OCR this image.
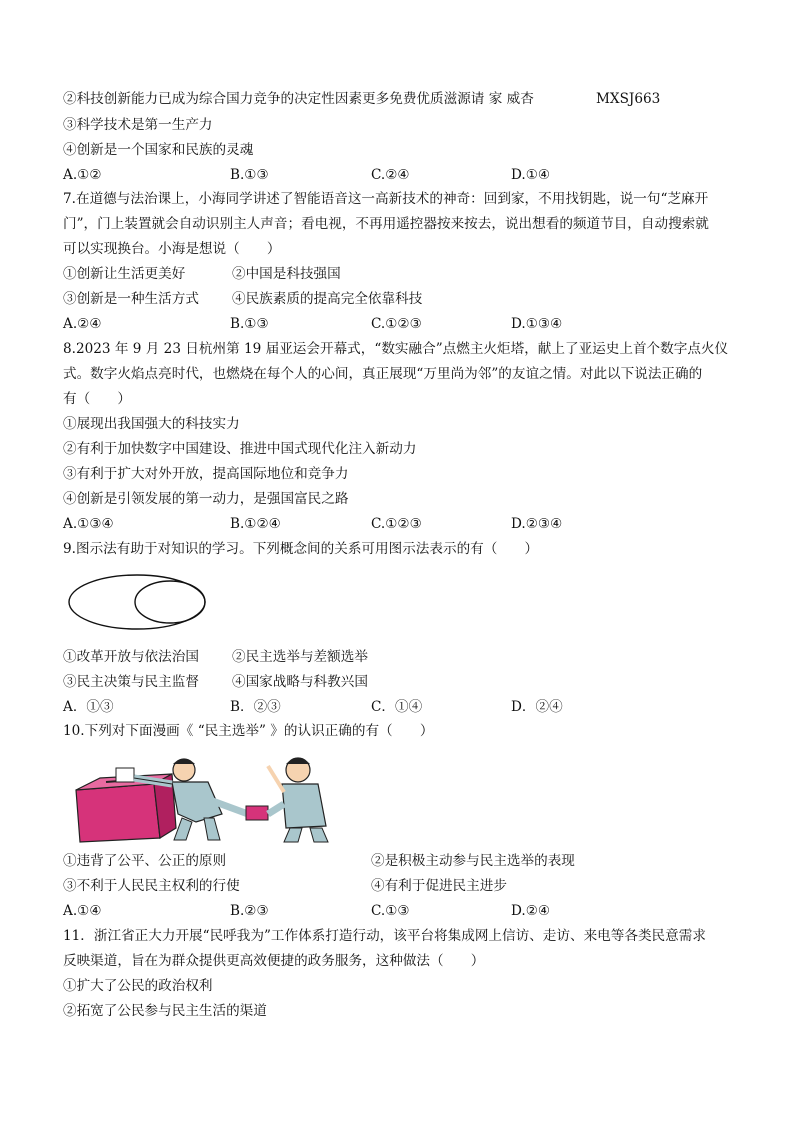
②科技创新能力已成为综合国力竞争的决定性因素更多免费优质滋源请 家 威杏	MXSJ663
③科学技术是第一生产力
④创新是一个国家和民族的灵魂
A.①②	B.①③	C.②④	D.①④
7.在道德与法治课上，小海同学讲述了智能语音这一高新技术的神奇：回到家，不用找钥匙，说一句“芝麻开
门”，门上装置就会自动识别主人声音；看电视，不再用遥控器按来按去，说出想看的频道节目，自动搜索就
可以实现换台。小海是想说（　　）
①创新让生活更美好	②中国是科技强国
③创新是一种生活方式 ④民族素质的提高完全依靠科技
A.②④	B.①③	C.①②③	D.①③④
8.2023 年 9 月 23 日杭州第 19 届亚运会开幕式，“数实融合”点燃主火炬塔，献上了亚运史上首个数字点火仪
式。数字火焰点亮时代，也燃烧在每个人的心间，真正展现“万里尚为邻”的友谊之情。对此以下说法正确的
有（　　）
①展现出我国强大的科技实力
②有利于加快数字中国建设、推进中国式现代化注入新动力
③有利于扩大对外开放，提高国际地位和竞争力
④创新是引领发展的第一动力，是强国富民之路
A.①③④	B.①②④	C.①②③	D.②③④
9.图示法有助于对知识的学习。下列概念间的关系可用图示法表示的有（　　）
①改革开放与依法治国 ②民主选举与差额选举
③民主决策与民主监督 ④国家战略与科教兴国
A．①③	B．②③	C．①④	D．②④
10.下列对下面漫画《 “民主选举” 》的认识正确的有（　　）
①违背了公平、公正的原则	②是积极主动参与民主选举的表现
③不利于人民民主权利的行使	④有利于促进民主进步
A.①④	B.②③	C.①③	D.②④
11．浙江省正大力开展“民呼我为”工作体系打造行动，该平台将集成网上信访、走访、来电等各类民意需求
反映渠道，旨在为群众提供更高效便捷的政务服务，这种做法（　　）
①扩大了公民的政治权利
②拓宽了公民参与民主生活的渠道
